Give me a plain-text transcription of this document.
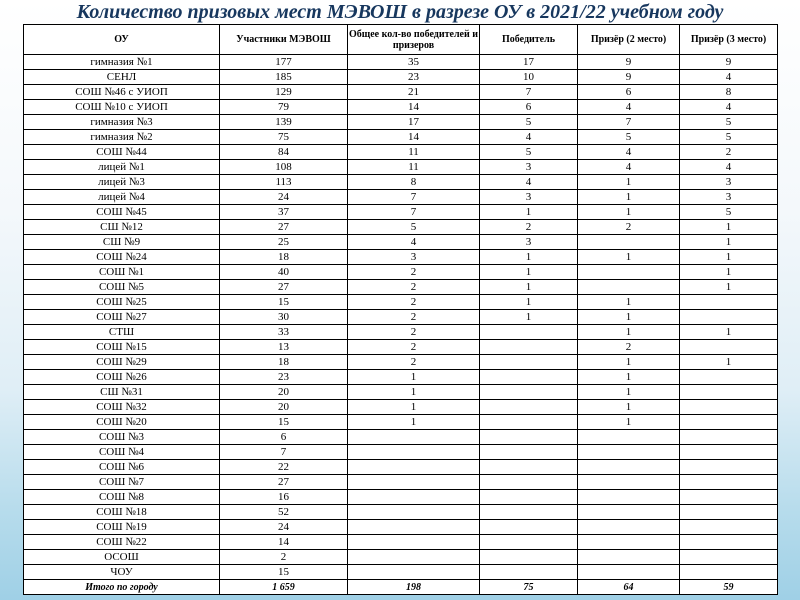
Количество призовых мест МЭВОШ в разрезе ОУ в 2021/22 учебном году
ОУ	Участники МЭВОШ	Общее кол-во победителей и призеров	Победитель	Призёр (2 место)	Призёр (3 место)
гимназия №1	177	35	17	9	9
СЕНЛ	185	23	10	9	4
СОШ №46 с УИОП	129	21	7	6	8
СОШ №10 с УИОП	79	14	6	4	4
гимназия №3	139	17	5	7	5
гимназия №2	75	14	4	5	5
СОШ №44	84	11	5	4	2
лицей №1	108	11	3	4	4
лицей №3	113	8	4	1	3
лицей №4	24	7	3	1	3
СОШ №45	37	7	1	1	5
СШ №12	27	5	2	2	1
СШ №9	25	4	3		1
СОШ №24	18	3	1	1	1
СОШ №1	40	2	1		1
СОШ №5	27	2	1		1
СОШ №25	15	2	1	1	
СОШ №27	30	2	1	1	
СТШ	33	2		1	1
СОШ №15	13	2		2	
СОШ №29	18	2		1	1
СОШ №26	23	1		1	
СШ №31	20	1		1	
СОШ №32	20	1		1	
СОШ №20	15	1		1	
СОШ №3	6				
СОШ №4	7				
СОШ №6	22				
СОШ №7	27				
СОШ №8	16				
СОШ №18	52				
СОШ №19	24				
СОШ №22	14				
ОСОШ	2				
ЧОУ	15				
Итого по городу	1 659	198	75	64	59
